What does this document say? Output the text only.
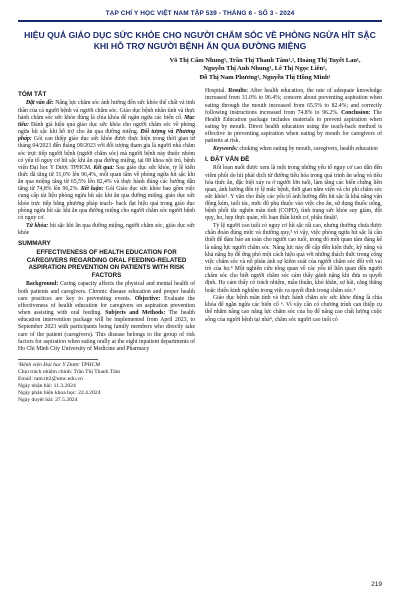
TẠP CHÍ Y HỌC VIỆT NAM TẬP 539 - THÁNG 6 - SỐ 3 - 2024
HIỆU QUẢ GIÁO DỤC SỨC KHỎE CHO NGƯỜI CHĂM SÓC VỀ PHÒNG NGỪA HÍT SẶC KHI HỖ TRỢ NGƯỜI BỆNH ĂN QUA ĐƯỜNG MIỆNG
Võ Thị Cẩm Nhung¹, Trần Thị Thanh Tâm¹,², Hoàng Thị Tuyết Lan¹,
Nguyễn Thị Anh Nhung¹, Lê Thị Ngọc Liên¹,
Đỗ Thị Nam Phương¹, Nguyễn Thị Hồng Minh¹
TÓM TẮT

Đặt vấn đề: Nâng lực chăm sóc ảnh hưởng đến sức khỏe thể chất và tinh thần của cả người bệnh và người chăm sóc. Giáo dục bệnh nhân tình và thực hành chăm sóc sức khỏe đúng là chìa khóa để ngăn ngừa các biến cố. Mục tiêu: Đánh giá hiệu quả giáo dục sức khỏe cho người chăm sóc về phòng ngừa hít sặc khi hỗ trợ cho ăn qua đường miệng. Đối tượng và Phương pháp: Gói can thiệp giáo dục sức khỏe được thực hiện trong thời gian từ tháng 04/2023 đến tháng 09/2023 với đối tượng tham gia là người nhà chăm sóc trực tiếp người bệnh (người chăm sóc) mà người bệnh này thuộc nhóm có yếu tố nguy cơ hít sặc khi ăn qua đường miệng, tại 08 khoa nội trú, bệnh viện Đại học Y Dược TPHCM. Kết quả: Sau giáo dục sức khỏe, tỷ lệ kiến thức đã tăng từ 31,0% lên 96,4%, mối quan tâm về phòng ngừa hít sặc khi ăn qua miệng tăng từ 65,5% lên 82,4% và thực hành đúng các hướng dẫn tăng từ 74,8% lên 96,2%. Kết luận: Gói Giáo dục sức khỏe bao gồm việc cung cấp tài liệu phòng ngừa hít sặc khi ăn qua đường miệng, giáo dục sức khỏe trực tiếp bằng phương pháp teach- back đạt hiệu quả trong giáo dục phòng ngừa hít sặc khi ăn qua đường miệng cho người chăm sóc người bệnh có nguy cơ.

Từ khóa: hít sặc khi ăn qua đường miệng, người chăm sóc, giáo dục sức khỏe

SUMMARY
EFFECTIVENESS OF HEALTH EDUCATION FOR CAREGIVERS REGARDING ORAL FEEDING-RELATED ASPIRATION PREVENTION ON PATIENTS WITH RISK FACTORS

Background: Caring capacity affects the physical and mental health of both patients and caregivers. Chronic disease education and proper health care practices are key to preventing events. Objective: Evaluate the effectiveness of health education for caregivers on aspiration prevention when assisting with oral feeding. Subjects and Methods: The health education intervention package will be implemented from April 2023, to September 2023 with participants being family members who directly take care of the patient (caregivers). This disease belongs to the group of risk factors for aspiration when eating orally at the eight inpatient departments of Ho Chi Minh City University of Medicine and Pharmacy

¹Bệnh viện Đại học Y Dược TPHCM
Chịu trách nhiệm chính: Trần Thị Thanh Tâm
Email: tam.ttt2@umc.edu.vn
Ngày nhận bài: 11.3.2024
Ngày phản biện khoa học: 22.4.2024
Ngày duyệt bài: 27.5.2024

Hospital. Results: After health education, the rate of adequate knowledge increased from 31.0% to 96.4%; concern about preventing aspiration when eating through the mouth increased from 65.5% to 82.4%; and correctly following instructions increased from 74.8% to 96.2%. Conclusion: The Health Education package includes materials to prevent aspiration when eating by mouth. Direct health education using the teach-back method is effective in preventing aspiration when eating by mouth for caregivers of patients at risk.

Keywords: choking when eating by mouth, caregivers, health education

I. ĐẶT VẤN ĐỀ

Rối loạn nuốt được xem là một trong những yếu tố nguy cơ cao dẫn đến viêm phổi do hít phải dịch từ đường tiêu hóa trong quá trình ăn uống và tiêu hóa thức ăn, đặc biệt xảy ra ở người lớn tuổi, làm tăng các biến chứng liên quan, ảnh hưởng đến tỷ lệ mắc bệnh, thời gian nằm viện và chi phí chăm sóc sức khỏe¹. Y văn cho thấy các yếu tố ảnh hưởng đến hít sặc là khả năng vận động kém, tuổi tác, mức độ phụ thuộc vào việc cho ăn, sử dụng thuốc uống, bệnh phổi tắc nghẽn mãn tính (COPD), tình trạng sức khỏe suy giảm, đột quỵ, ho, hẹp thực quản, rối loạn thần kinh cơ, phẫu thuật².

Tỷ lệ người cao tuổi có nguy cơ hít sặc rất cao, nhưng thường chưa được chẩn đoán đúng mức và thường quy,³ vì vậy, việc phòng ngừa hít sặc là cần thiết để đảm bảo an toàn cho người cao tuổi, trong đó mối quan tâm đáng kể là nâng lực người chăm sóc. Nâng lực này đề cập đến kiến thức, kỹ năng và khả năng họ để ứng phó một cách hiệu quả với những thách thức trong công việc chăm sóc và nỗ phán ánh sự kiêm soát của người chăm sóc đối với vai trò của họ.⁴ Một nghiên cứu tổng quan về các yếu tố liên quan đến người chăm sóc cho biết người chăm sóc cảm thấy gánh nặng khi đưa ra quyết định. Họ cảm thấy có trách nhiệm, mâu thuẫn, khó khăn, sợ hãi, căng thẳng hoặc thiếu kinh nghiệm trong việc ra quyết định trong chăm sóc.⁵

Giáo dục bệnh mãn tính và thực hành chăm sóc sức khỏe đúng là chìa khóa để ngăn ngừa các biến cố ⁶. Vì vậy cần có chương trình can thiệp cụ thể nhằm nâng cao năng lực chăm sóc của họ để nâng cao chất lượng cuộc sống của người bệnh tại nhà⁴, chăm sóc người cao tuổi có

219
